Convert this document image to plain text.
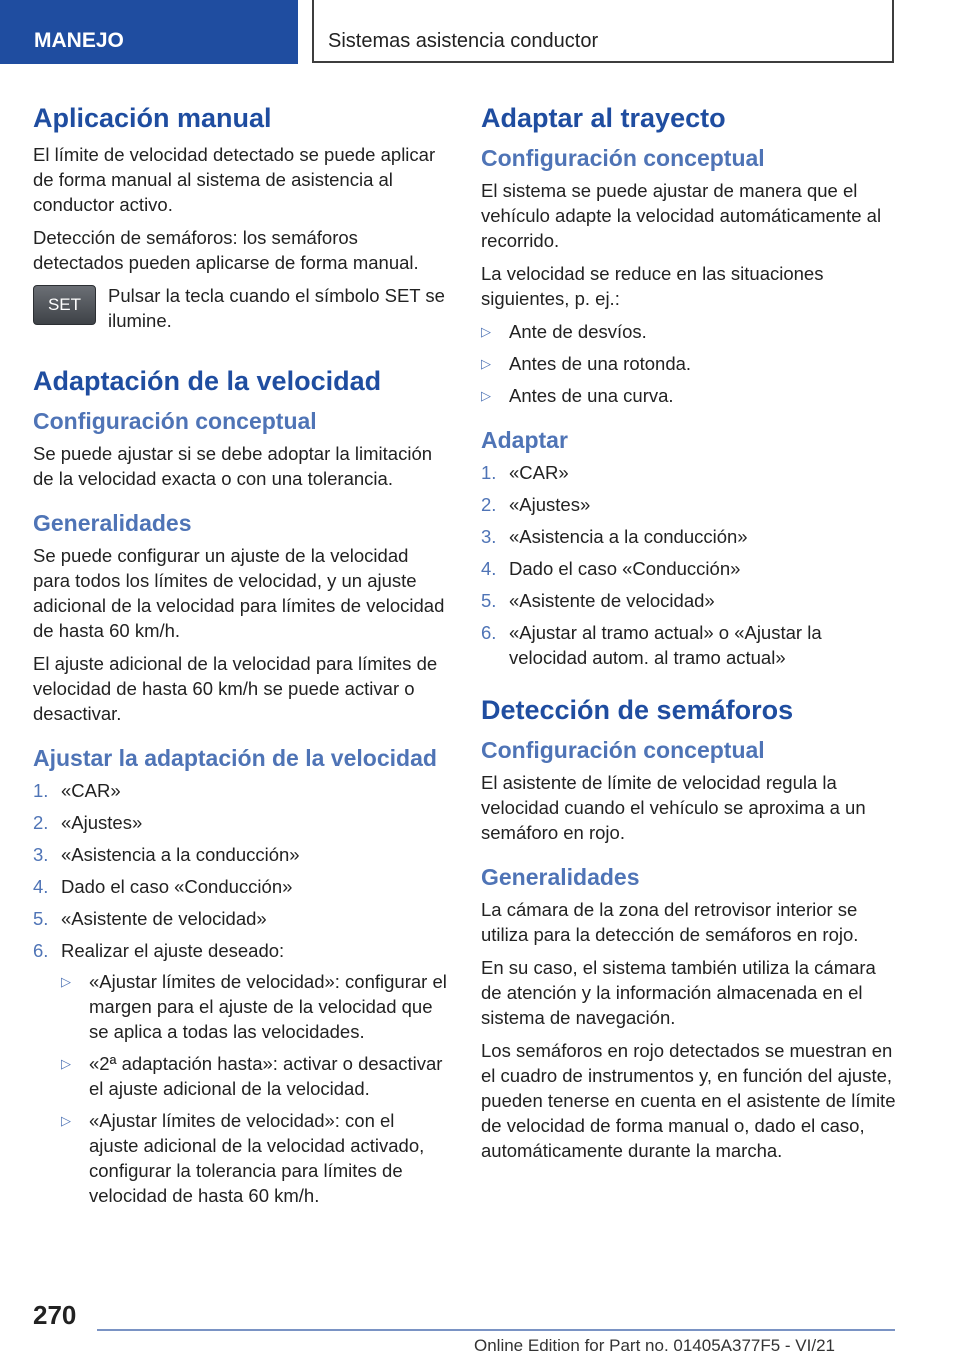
MANEJO	Sistemas asistencia conductor
Aplicación manual

El límite de velocidad detectado se puede aplicar de forma manual al sistema de asistencia al conductor activo.

Detección de semáforos: los semáforos detectados pueden aplicarse de forma manual.

SET	Pulsar la tecla cuando el símbolo SET se ilumine.

Adaptación de la velocidad
Configuración conceptual

Se puede ajustar si se debe adoptar la limitación de la velocidad exacta o con una tolerancia.

Generalidades

Se puede configurar un ajuste de la velocidad para todos los límites de velocidad, y un ajuste adicional de la velocidad para límites de velocidad de hasta 60 km/h.

El ajuste adicional de la velocidad para límites de velocidad de hasta 60 km/h se puede activar o desactivar.

Ajustar la adaptación de la velocidad
1. «CAR»
2. «Ajustes»
3. «Asistencia a la conducción»
4. Dado el caso «Conducción»
5. «Asistente de velocidad»
6. Realizar el ajuste deseado:
▷ «Ajustar límites de velocidad»: configurar el margen para el ajuste de la velocidad que se aplica a todas las velocidades.
▷ «2ª adaptación hasta»: activar o desactivar el ajuste adicional de la velocidad.
▷ «Ajustar límites de velocidad»: con el ajuste adicional de la velocidad activado, configurar la tolerancia para límites de velocidad de hasta 60 km/h.
Adaptar al trayecto
Configuración conceptual

El sistema se puede ajustar de manera que el vehículo adapte la velocidad automáticamente al recorrido.

La velocidad se reduce en las situaciones siguientes, p. ej.:

▷ Ante de desvíos.
▷ Antes de una rotonda.
▷ Antes de una curva.
Adaptar
1. «CAR»
2. «Ajustes»
3. «Asistencia a la conducción»
4. Dado el caso «Conducción»
5. «Asistente de velocidad»
6. «Ajustar al tramo actual» o «Ajustar la velocidad autom. al tramo actual»
Detección de semáforos
Configuración conceptual

El asistente de límite de velocidad regula la velocidad cuando el vehículo se aproxima a un semáforo en rojo.

Generalidades

La cámara de la zona del retrovisor interior se utiliza para la detección de semáforos en rojo.

En su caso, el sistema también utiliza la cámara de atención y la información almacenada en el sistema de navegación.

Los semáforos en rojo detectados se muestran en el cuadro de instrumentos y, en función del ajuste, pueden tenerse en cuenta en el asistente de límite de velocidad de forma manual o, dado el caso, automáticamente durante la marcha.

270
Online Edition for Part no. 01405A377F5 - VI/21
